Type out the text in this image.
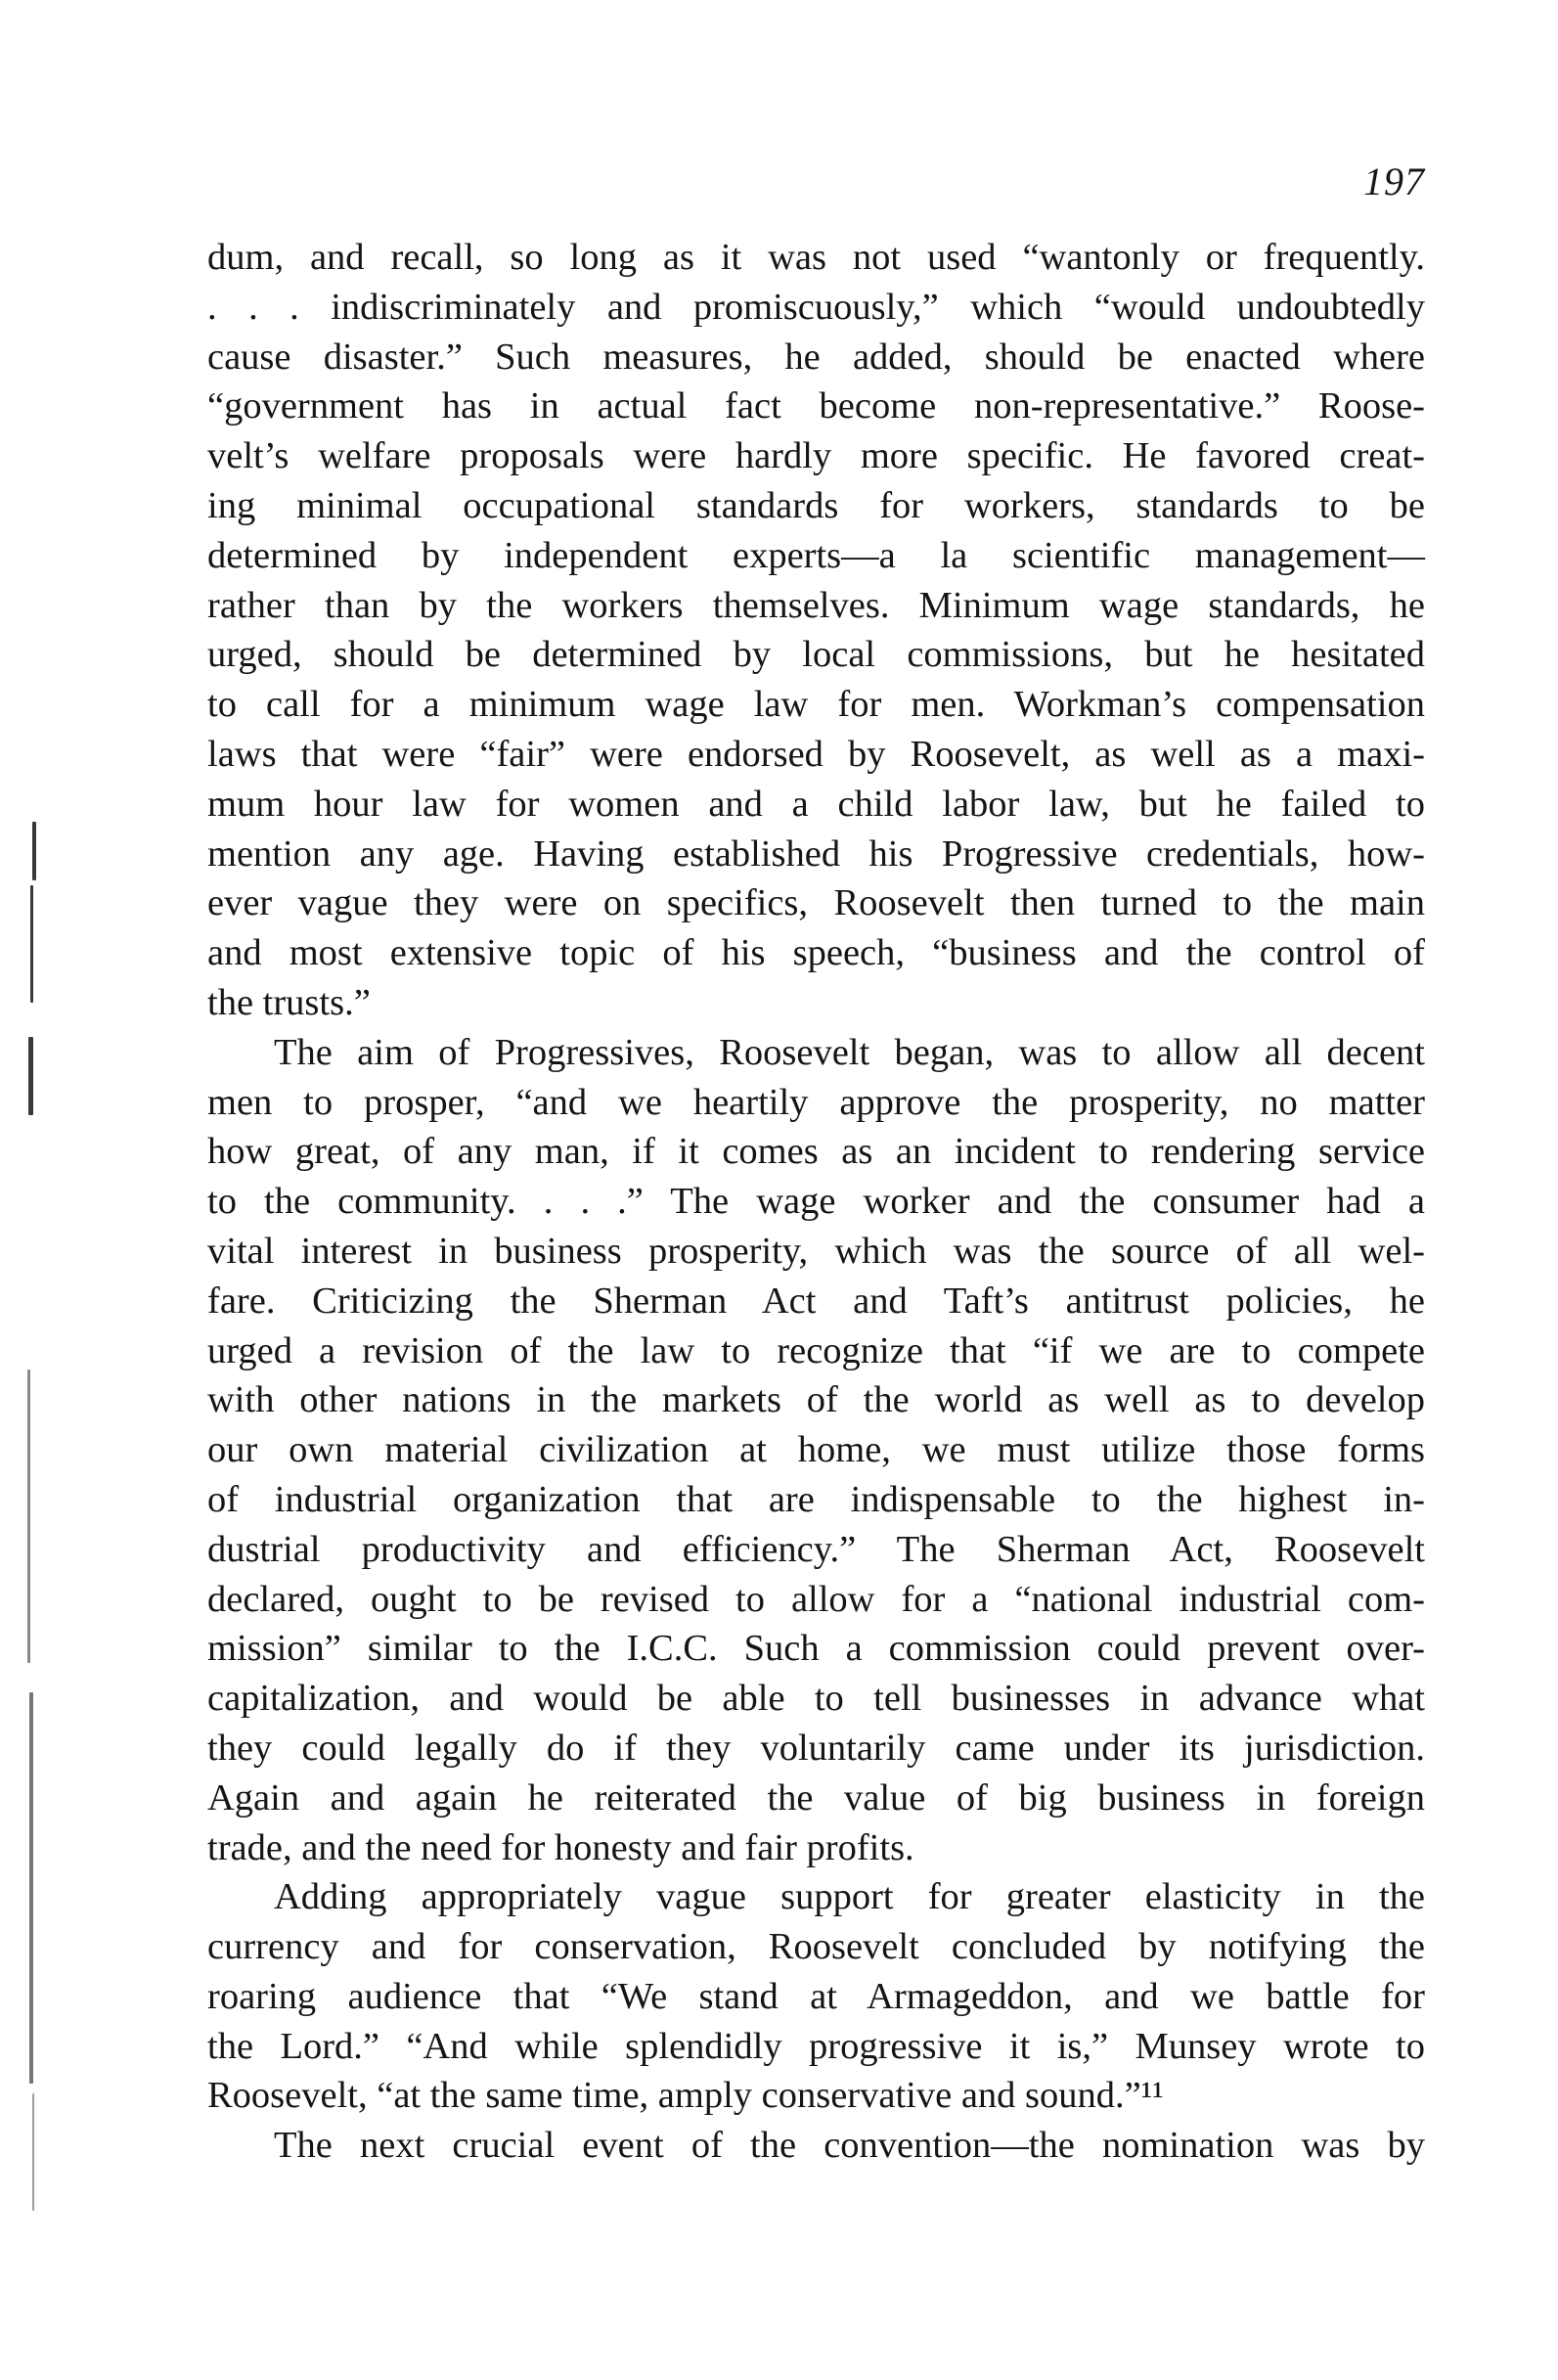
197
dum, and recall, so long as it was not used “wantonly or frequently.
. . . indiscriminately and promiscuously,” which “would undoubtedly
cause disaster.” Such measures, he added, should be enacted where
“government has in actual fact become non-representative.” Roose-
velt’s welfare proposals were hardly more specific. He favored creat-
ing minimal occupational standards for workers, standards to be
determined by independent experts—a la scientific management—
rather than by the workers themselves. Minimum wage standards, he
urged, should be determined by local commissions, but he hesitated
to call for a minimum wage law for men. Workman’s compensation
laws that were “fair” were endorsed by Roosevelt, as well as a maxi-
mum hour law for women and a child labor law, but he failed to
mention any age. Having established his Progressive credentials, how-
ever vague they were on specifics, Roosevelt then turned to the main
and most extensive topic of his speech, “business and the control of
the trusts.”
The aim of Progressives, Roosevelt began, was to allow all decent
men to prosper, “and we heartily approve the prosperity, no matter
how great, of any man, if it comes as an incident to rendering service
to the community. . . .” The wage worker and the consumer had a
vital interest in business prosperity, which was the source of all wel-
fare. Criticizing the Sherman Act and Taft’s antitrust policies, he
urged a revision of the law to recognize that “if we are to compete
with other nations in the markets of the world as well as to develop
our own material civilization at home, we must utilize those forms
of industrial organization that are indispensable to the highest in-
dustrial productivity and efficiency.” The Sherman Act, Roosevelt
declared, ought to be revised to allow for a “national industrial com-
mission” similar to the I.C.C. Such a commission could prevent over-
capitalization, and would be able to tell businesses in advance what
they could legally do if they voluntarily came under its jurisdiction.
Again and again he reiterated the value of big business in foreign
trade, and the need for honesty and fair profits.
Adding appropriately vague support for greater elasticity in the
currency and for conservation, Roosevelt concluded by notifying the
roaring audience that “We stand at Armageddon, and we battle for
the Lord.” “And while splendidly progressive it is,” Munsey wrote to
Roosevelt, “at the same time, amply conservative and sound.”¹¹
The next crucial event of the convention—the nomination was by
